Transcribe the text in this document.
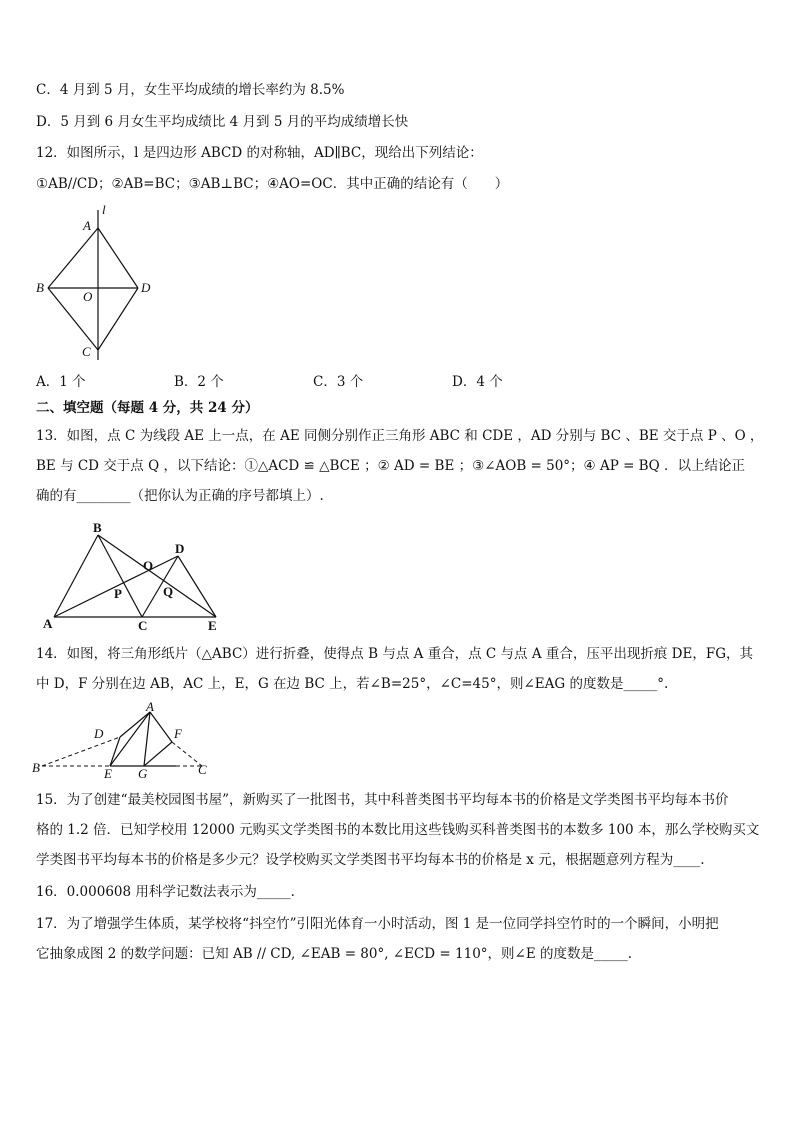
C．4 月到 5 月，女生平均成绩的增长率约为 8.5%
D．5 月到 6 月女生平均成绩比 4 月到 5 月的平均成绩增长快
12．如图所示，l 是四边形 ABCD 的对称轴，AD∥BC，现给出下列结论：
①AB//CD；②AB=BC；③AB⊥BC；④AO=OC．其中正确的结论有（　　）
A
l
B
O
D
C
A．1 个	B．2 个	C．3 个	D．4 个
二、填空题（每题 4 分，共 24 分）
13．如图，点 C 为线段 AE 上一点，在 AE 同侧分别作正三角形 ABC 和 CDE ，AD 分别与 BC 、BE 交于点 P 、O ，
BE 与 CD 交于点 Q ，以下结论：①△ACD ≌ △BCE ；② AD = BE ；③∠AOB = 50°；④ AP = BQ ．以上结论正
确的有________（把你认为正确的序号都填上）.
B
D
O
P	Q
A	C	E
14．如图，将三角形纸片（△ABC）进行折叠，使得点 B 与点 A 重合，点 C 与点 A 重合，压平出现折痕 DE，FG，其
中 D，F 分别在边 AB，AC 上，E，G 在边 BC 上，若∠B=25°，∠C=45°，则∠EAG 的度数是_____°.
A
D	F
B	E G	C
15．为了创建“最美校园图书屋”，新购买了一批图书，其中科普类图书平均每本书的价格是文学类图书平均每本书价
格的 1.2 倍．已知学校用 12000 元购买文学类图书的本数比用这些钱购买科普类图书的本数多 100 本，那么学校购买文
学类图书平均每本书的价格是多少元？设学校购买文学类图书平均每本书的价格是 x 元，根据题意列方程为____.
16．0.000608 用科学记数法表示为_____.
17．为了增强学生体质，某学校将“抖空竹”引阳光体育一小时活动，图 1 是一位同学抖空竹时的一个瞬间，小明把
它抽象成图 2 的数学问题：已知 AB // CD, ∠EAB = 80°, ∠ECD = 110°，则∠E 的度数是_____.
